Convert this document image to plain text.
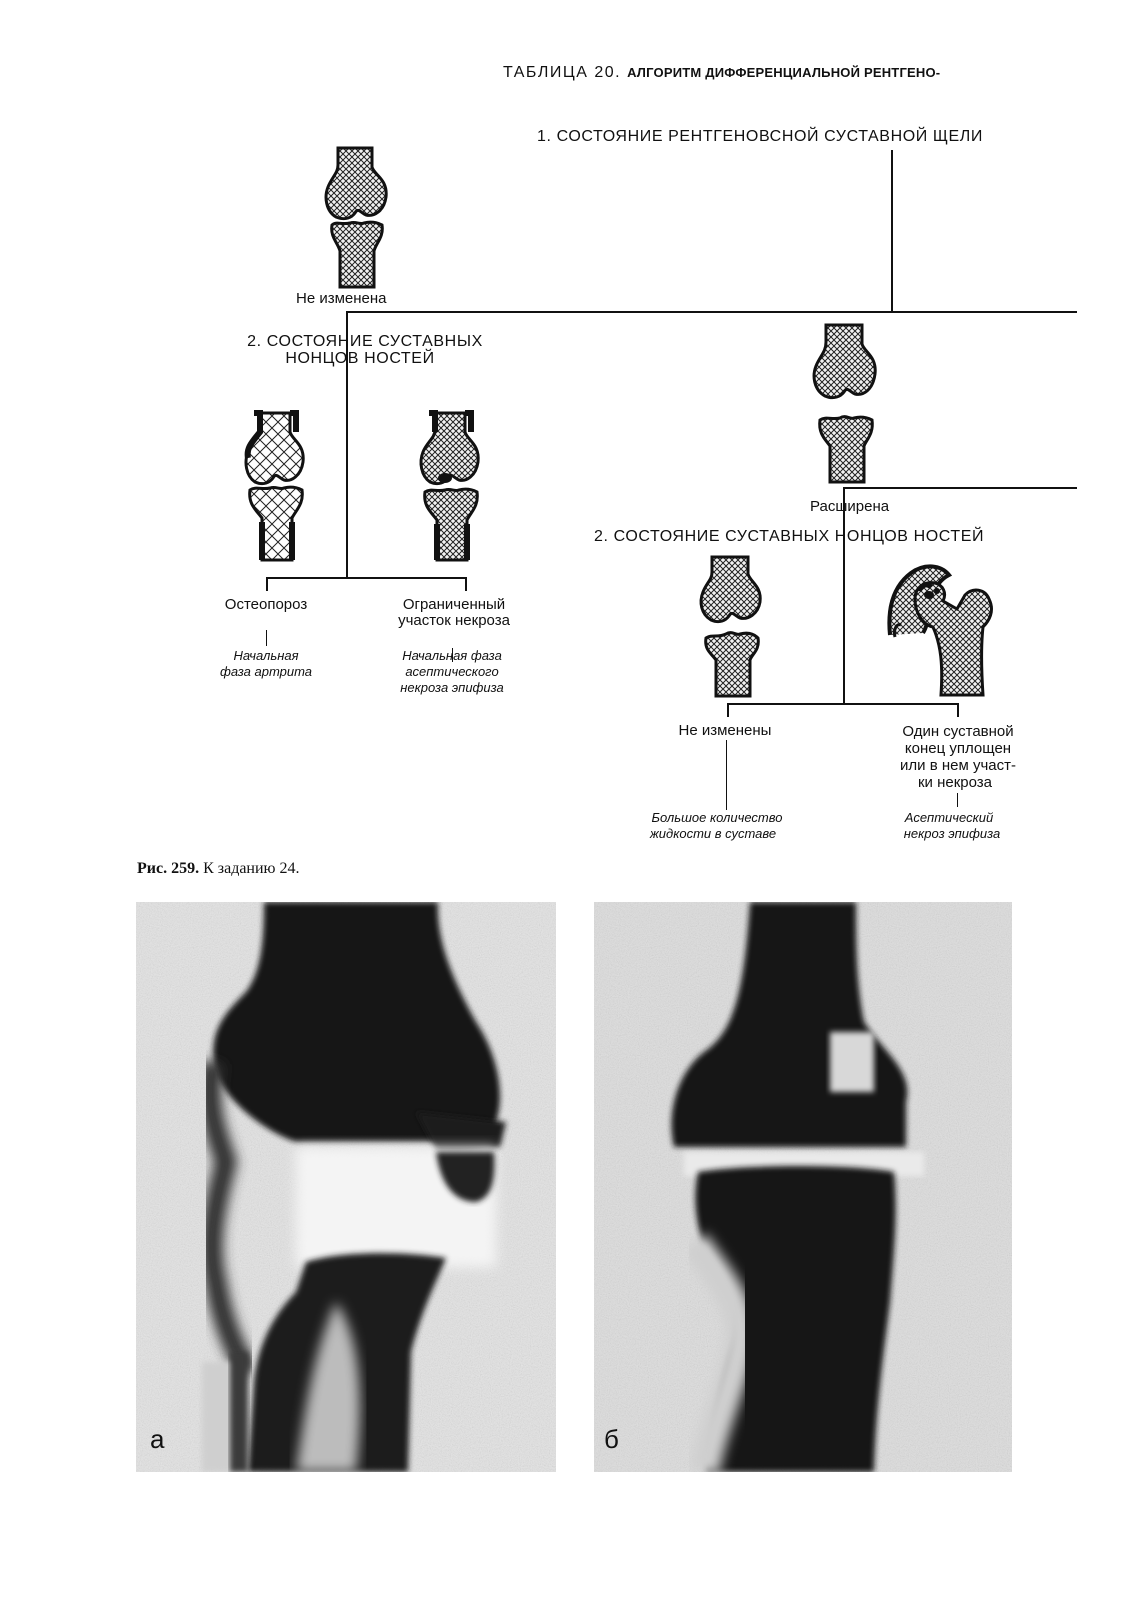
ТАБЛИЦА 20. АЛГОРИТМ ДИФФЕРЕНЦИАЛЬНОЙ РЕНТГЕНО-
1. СОСТОЯНИЕ РЕНТГЕНОВСНОЙ СУСТАВНОЙ ЩЕЛИ
Не изменена
2. СОСТОЯНИЕ СУСТАВНЫХ
НОНЦОВ НОСТЕЙ
Остеопороз
Начальная
фаза артрита
Ограниченный
участок некроза
Начальная фаза
асептического
некроза эпифиза
Расширена
2. СОСТОЯНИЕ СУСТАВНЫХ НОНЦОВ НОСТЕЙ
Не изменены
Большое количество
жидкости в суставе
Один суставной
конец уплощен
или в нем участ-
ки некроза
Асептический
некроз эпифиза
Рис. 259. К заданию 24.
а	б
